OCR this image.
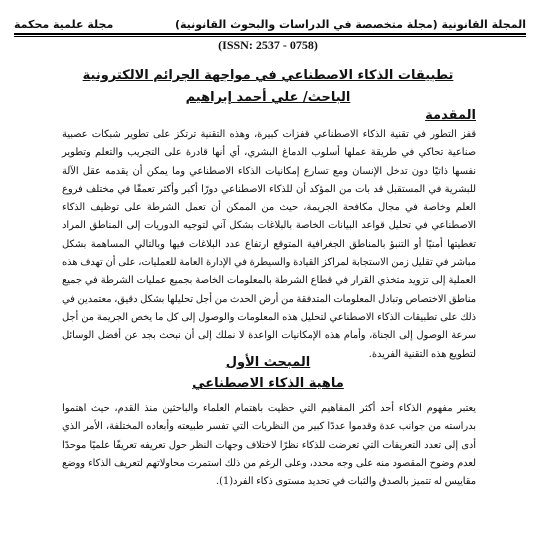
المجلة القانونية (مجلة متخصصة في الدراسات والبحوث القانونية)
مجلة علمية محكمة
(ISSN: 2537 - 0758)
تطبيقات الذكاء الاصطناعي في مواجهة الجرائم الالكترونية
الباحث/ علي أحمد إبراهيم
المقدمة
قفز التطور في تقنية الذكاء الاصطناعي قفزات كبيرة، وهذه التقنية ترتكز على تطوير شبكات عصبية صناعية تحاكي في طريقة عملها أسلوب الدماغ البشري، أي أنها قادرة على التجريب والتعلم وتطوير نفسها ذاتيًا دون تدخل الإنسان ومع تسارع إمكانيات الذكاء الاصطناعي وما يمكن أن يقدمه عقل الآلة للبشرية في المستقبل قد بات من المؤكد أن للذكاء الاصطناعي دورًا أكبر وأكثر تعمقًا في مختلف فروع العلم وخاصة في مجال مكافحة الجريمة، حيث من الممكن أن تعمل الشرطة على توظيف الذكاء الاصطناعي في تحليل قواعد البيانات الخاصة بالبلاغات بشكل آني لتوجيه الدوريات إلى المناطق المراد تغطيتها أمنيًا أو التنبؤ بالمناطق الجغرافية المتوقع ارتفاع عدد البلاغات فيها وبالتالي المساهمة بشكل مباشر في تقليل زمن الاستجابة لمراكز القيادة والسيطرة في الإدارة العامة للعمليات، على أن تهدف هذه العملية إلى تزويد متخذي القرار في قطاع الشرطة بالمعلومات الخاصة بجميع عمليات الشرطة في جميع مناطق الاختصاص وتبادل المعلومات المتدفقة من أرض الحدث من أجل تحليلها بشكل دقيق، معتمدين في ذلك على تطبيقات الذكاء الاصطناعي لتحليل هذه المعلومات والوصول إلى كل ما يخص الجريمة من أجل سرعة الوصول إلى الجناة، وأمام هذه الإمكانيات الواعدة لا نملك إلى أن نبحث بجد عن أفضل الوسائل لتطويع هذه التقنية الفريدة.
المبحث الأول
ماهية الذكاء الاصطناعي
يعتبر مفهوم الذكاء أحد أكثر المفاهيم التي حظيت باهتمام العلماء والباحثين منذ القدم، حيث اهتموا بدراسته من جوانب عدة وقدموا عددًا كبير من النظريات التي تفسر طبيعته وأبعاده المختلفة، الأمر الذي أدى إلى تعدد التعريفات التي تعرضت للذكاء نظرًا لاختلاف وجهات النظر حول تعريفه تعريفًا علميًا موحدًا لعدم وضوح المقصود منه على وجه محدد، وعلى الرغم من ذلك استمرت محاولاتهم لتعريف الذكاء ووضع مقاييس له تتميز بالصدق والثبات في تحديد مستوى ذكاء الفرد(1).
